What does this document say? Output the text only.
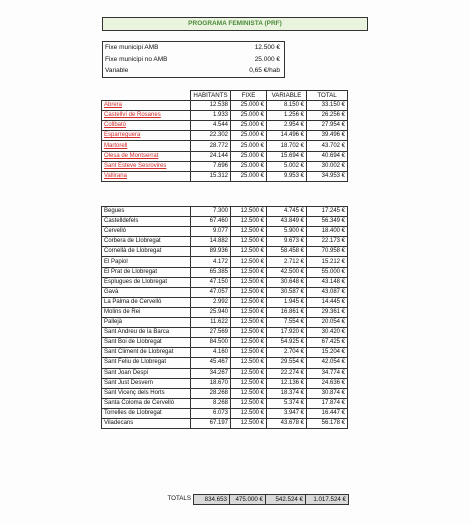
PROGRAMA FEMINISTA (PRF)
Fixe municipi AMB	12.500 €
Fixe municipi no AMB	25.000 €
Variable	0,65 €/hab
	HABITANTS	FIXE	VARIABLE	TOTAL
Abrera	12.538	25.000 €	8.150 €	33.150 €
Castellví de Rosanes	1.933	25.000 €	1.256 €	26.256 €
Collbató	4.544	25.000 €	2.954 €	27.954 €
Esparreguera	22.302	25.000 €	14.496 €	39.496 €
Martorell	28.772	25.000 €	18.702 €	43.702 €
Olesa de Montserrat	24.144	25.000 €	15.694 €	40.694 €
Sant Esteve Sesrovires	7.696	25.000 €	5.002 €	30.002 €
Vallirana	15.312	25.000 €	9.953 €	34.953 €
Begues	7.300	12.500 €	4.745 €	17.245 €
Castelldefels	67.460	12.500 €	43.849 €	56.349 €
Cervelló	9.077	12.500 €	5.900 €	18.400 €
Corbera de Llobregat	14.882	12.500 €	9.673 €	22.173 €
Cornellà de Llobregat	89.936	12.500 €	58.458 €	70.958 €
El Papiol	4.172	12.500 €	2.712 €	15.212 €
El Prat de Llobregat	65.385	12.500 €	42.500 €	55.000 €
Esplugues de Llobregat	47.150	12.500 €	30.648 €	43.148 €
Gavà	47.057	12.500 €	30.587 €	43.087 €
La Palma de Cervelló	2.992	12.500 €	1.945 €	14.445 €
Molins de Rei	25.940	12.500 €	16.861 €	29.361 €
Pallejà	11.622	12.500 €	7.554 €	20.054 €
Sant Andreu de la Barca	27.569	12.500 €	17.920 €	30.420 €
Sant Boi de Llobregat	84.500	12.500 €	54.925 €	67.425 €
Sant Climent de Llobregat	4.160	12.500 €	2.704 €	15.204 €
Sant Feliu de Llobregat	45.467	12.500 €	29.554 €	42.054 €
Sant Joan Despí	34.267	12.500 €	22.274 €	34.774 €
Sant Just Desvern	18.670	12.500 €	12.136 €	24.636 €
Sant Vicenç dels Horts	28.268	12.500 €	18.374 €	30.874 €
Santa Coloma de Cervelló	8.268	12.500 €	5.374 €	17.874 €
Torrelles de Llobregat	6.073	12.500 €	3.947 €	16.447 €
Viladecans	67.197	12.500 €	43.678 €	56.178 €
TOTALS	834.653	475.000 €	542.524 €	1.017.524 €
